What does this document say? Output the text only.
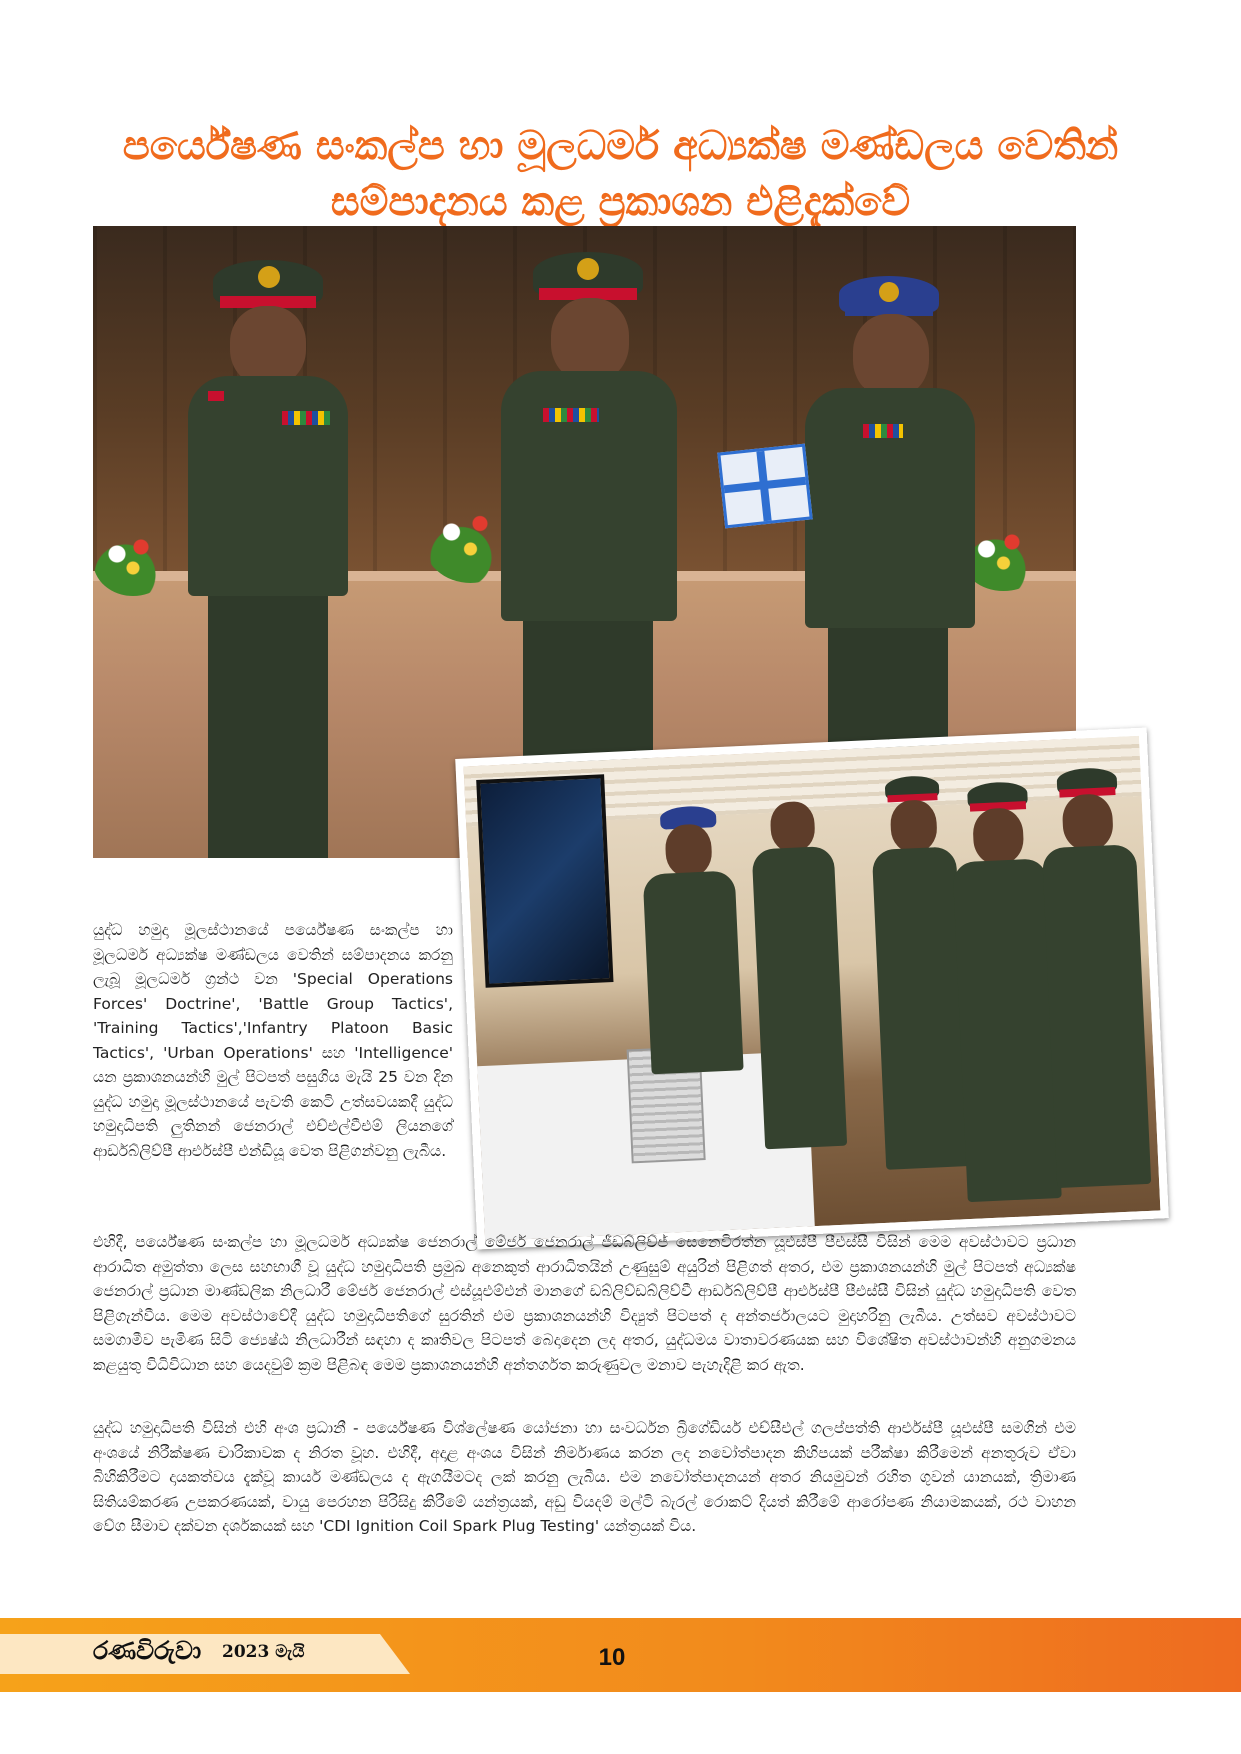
පර්යේෂණ සංකල්ප හා මූලධර්ම අධ්‍යක්ෂ මණ්ඩලය වෙතින්
සම්පාදනය කළ ප්‍රකාශන එළිදැක්වේ

යුද්ධ හමුදා මූලස්ථානයේ පර්යේෂණ සංකල්ප හා මූලධර්ම අධ්‍යක්ෂ මණ්ඩලය වෙතින් සම්පාදනය කරනු ලැබූ මූලධර්ම ග්‍රන්ථ වන 'Special Operations Forces' Doctrine', 'Battle Group Tactics', 'Training Tactics','Infantry Platoon Basic Tactics', 'Urban Operations' සහ 'Intelligence' යන ප්‍රකාශනයන්හි මුල් පිටපත් පසුගිය මැයි 25 වන දින යුද්ධ හමුදා මූලස්ථානයේ පැවති කෙටි උත්සවයකදී යුද්ධ හමුදාධිපති ලුතිනන් ජෙනරාල් එච්එල්වීඑම් ලියනගේ ආර්ඩබ්ලිව්පී ආර්එස්පී එන්ඩියූ වෙත පිළිගන්වනු ලැබීය.

එහිදී, පර්යේෂණ සංකල්ප හා මූලධර්ම අධ්‍යක්ෂ ජෙනරාල් මේජර් ජෙනරාල් ජීඩබ්ලිව්ජ් සෙනෙවිරත්න යූඑස්පී පීඑස්සී විසින් මෙම අවස්ථාවට ප්‍රධාන ආරාධිත අමුත්තා ලෙස සහභාගී වූ යුද්ධ හමුදාධිපති ප්‍රමුඛ අනෙකුත් ආරාධිතයින් උණුසුම් අයුරින් පිළිගත් අතර, එම ප්‍රකාශනයන්හි මුල් පිටපත් අධ්‍යක්ෂ ජෙනරාල් ප්‍රධාන මාණ්ඩලික නිලධාරී මේජර් ජෙනරාල් එස්යූඑම්එන් මානගේ ඩබ්ලිව්ඩබ්ලිව්වී ආර්ඩබ්ලිව්පී ආර්එස්පී පීඑස්සී විසින් යුද්ධ හමුදාධිපති වෙත පිළිගැන්වීය. මෙම අවස්ථාවේදී යුද්ධ හමුදාධිපතිගේ සුරතින් එම ප්‍රකාශනයන්හි විද්‍යුත් පිටපත් ද අන්තර්ජාලයට මුදාහරිනු ලැබීය. උත්සව අවස්ථාවට සමගාමීව පැමිණ සිටි ජ්‍යෙෂ්ඨ නිලධාරීන් සඳහා ද කෘතිවල පිටපත් බෙදාදෙන ලද අතර, යුද්ධමය වාතාවරණයක සහ විශේෂිත අවස්ථාවන්හි අනුගමනය කළයුතු විධිවිධාන සහ යෙදවුම් ක්‍රම පිළිබඳ මෙම ප්‍රකාශනයන්හි අන්තර්ගත කරුණුවල මනාව පැහැදිළි කර ඇත.

යුද්ධ හමුදාධිපති විසින් එහි අංශ ප්‍රධානී - පර්යේෂණ විශ්ලේෂණ යෝජනා හා සංවර්ධන බ්‍රිගේඩියර් එච්සීඑල් ගලප්පත්ති ආර්එස්පී යූඑස්පී සමගින් එම අංශයේ නිරීක්ෂණ චාරිකාවක ද නිරත වූහ. එහිදී, අදාළ අංශය විසින් නිර්මාණය කරන ලද නවෝත්පාදන කිහිපයක් පරීක්ෂා කිරීමෙන් අනතුරුව ඒවා බිහිකිරීමට දායකත්වය දැක්වූ කාර්ය මණ්ඩලය ද ඇගයීමටද ලක් කරනු ලැබීය. එම නවෝත්පාදනයන් අතර නියමුවන් රහිත ගුවන් යානයක්, ත්‍රිමාණ සිතියම්කරණ උපකරණයක්, වායු පෙරහන පිරිසිදු කිරීමේ යන්ත්‍රයක්, අඩු වියදම් මල්ටි බැරල් රොකට් දියත් කිරීමේ ආරෝපණ නියාමකයක්, රථ වාහන වේග සීමාව දක්වන දර්ශකයක් සහ 'CDI Ignition Coil Spark Plug Testing' යන්ත්‍රයක් විය.

රණවිරුවා 2023 මැයි	10
